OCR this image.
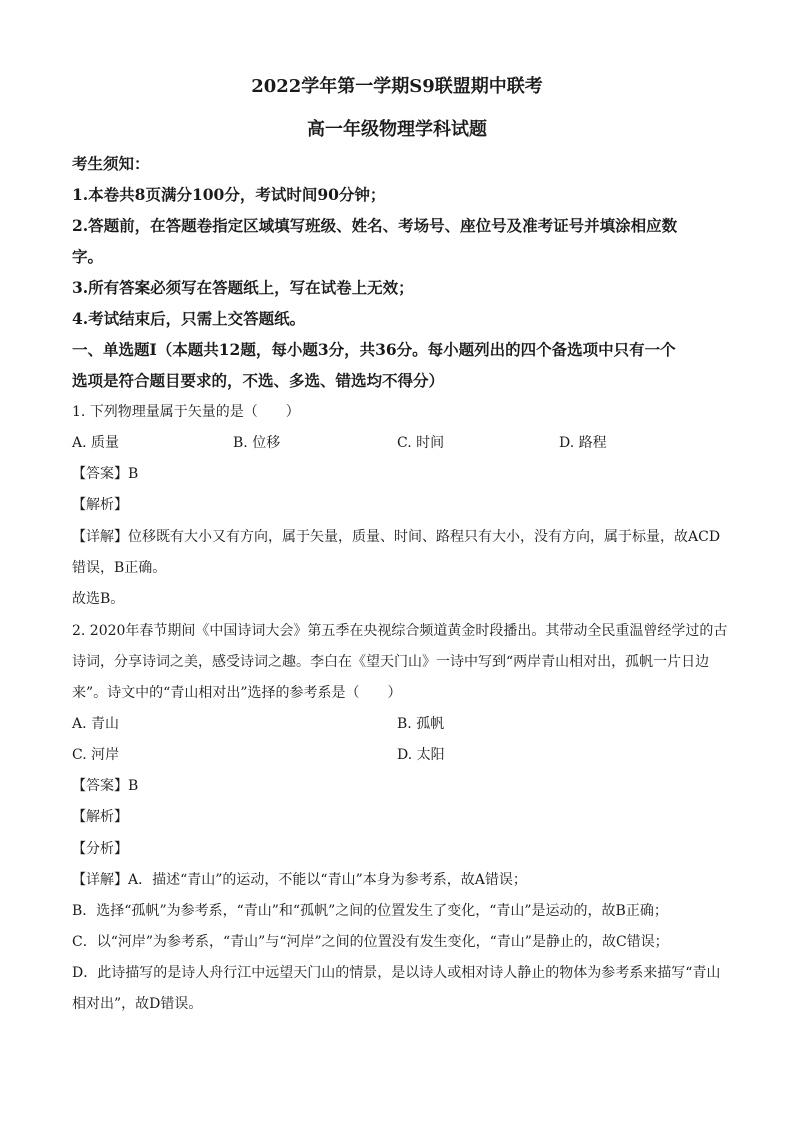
2022学年第一学期S9联盟期中联考
高一年级物理学科试题
考生须知：
1.本卷共8页满分100分，考试时间90分钟；
2.答题前，在答题卷指定区域填写班级、姓名、考场号、座位号及准考证号并填涂相应数
字。
3.所有答案必须写在答题纸上，写在试卷上无效；
4.考试结束后，只需上交答题纸。
一、单选题Ⅰ（本题共12题，每小题3分，共36分。每小题列出的四个备选项中只有一个
选项是符合题目要求的，不选、多选、错选均不得分）
1. 下列物理量属于矢量的是（　　）
A. 质量	B. 位移	C. 时间	D. 路程
【答案】B
【解析】
【详解】位移既有大小又有方向，属于矢量，质量、时间、路程只有大小，没有方向，属于标量，故ACD
错误，B正确。
故选B。
2. 2020年春节期间《中国诗词大会》第五季在央视综合频道黄金时段播出。其带动全民重温曾经学过的古
诗词，分享诗词之美，感受诗词之趣。李白在《望天门山》一诗中写到“两岸青山相对出，孤帆一片日边
来”。诗文中的“青山相对出”选择的参考系是（　　）
A. 青山	B. 孤帆
C. 河岸	D. 太阳
【答案】B
【解析】
【分析】
【详解】A．描述“青山”的运动，不能以“青山”本身为参考系，故A错误；
B．选择“孤帆”为参考系，“青山”和“孤帆”之间的位置发生了变化，“青山”是运动的，故B正确；
C．以“河岸”为参考系，“青山”与“河岸”之间的位置没有发生变化，“青山”是静止的，故C错误；
D．此诗描写的是诗人舟行江中远望天门山的情景，是以诗人或相对诗人静止的物体为参考系来描写“青山
相对出”，故D错误。
